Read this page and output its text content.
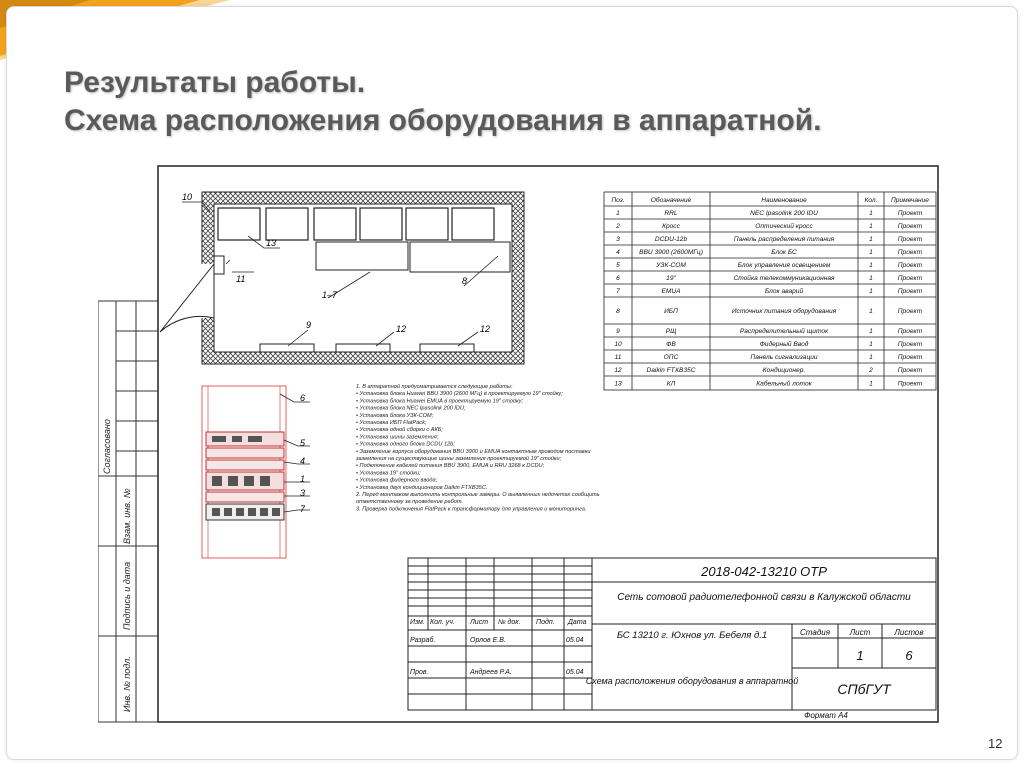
Результаты работы.
Схема расположения оборудования в аппаратной.
Согласовано
Взам. инв. №
Подпись и дата
Инв. № подл.
10
11
13
1–7
8
9	12	12
6
5
4
1
3
7
Поз.	Обозначение	Наименование	Кол. Примечание
1	RRL	NEC Ipasolink 200 IDU	1	Проект
2	Кросс	Оптический кросс	1	Проект
3	DCDU-12b	Панель распределения питания	1	Проект
4	BBU 3900 (2600МГц)	Блок БС	1	Проект
5	УЗК-СОМ	Блок управления освещением	1	Проект
6	19"	Стойка телекоммуникационная	1	Проект
7	EMUA	Блок аварий	1	Проект
8	ИБП	Источник питания оборудования	1	Проект
9	РЩ	Распределительный щиток	1	Проект
10	ФВ	Фидерный Ввод	1	Проект
11	ОПС	Панель сигнализации	1	Проект
12	Daikin FTXB35C	Кондиционер.	2	Проект
13	КЛ	Кабельный лоток	1	Проект
1. В аппаратной предусматривается следующие работы:
• Установка блока Huawei BBU 3900 (2600 МГц) в проектируемую 19" стойку;
• Установка блока Huawei EMUA в проектируемую 19" стойку;
• Установка блока NEC Ipasolink 200 IDU;
• Установка блока УЗК-СОМ;
• Установка ИБП FlatPack;
• Установка одной сборки с АКБ;
• Установка шины заземления;
• Установка одного блока DCDU 12b;
• Заземление корпуса оборудования BBU 3900 и EMUA контактным проводом поставки
заземления на существующие шины заземления проектируемой 19" стойки;
• Подключение кабелей питания BBU 3900, EMUA и RRU 3268 к DCDU;
• Установка 19" стойки;
• Установка фидерного ввода;
• Установка двух кондиционеров Daikin FTXB35C.
2. Перед монтажом выполнить контрольные замеры. О выявленных недочетах сообщить
ответственному за проведение работ.
3. Проверка подключения FlatPack к трансформатору для управления и мониторинга.
2018-042-13210 ОТР
Сеть сотовой радиотелефонной связи в Калужской области
Изм. Кол. уч. Лист № док. Подп. Дата
Разраб.	Орлов Е.В.	05.04
Пров.	Андреев Р.А.	05.04
БС 13210 г. Юхнов ул. Бебеля д.1
Схема расположения оборудования в аппаратной
Стадия Лист	Листов
1	6
СПбГУТ
Формат А4
12
